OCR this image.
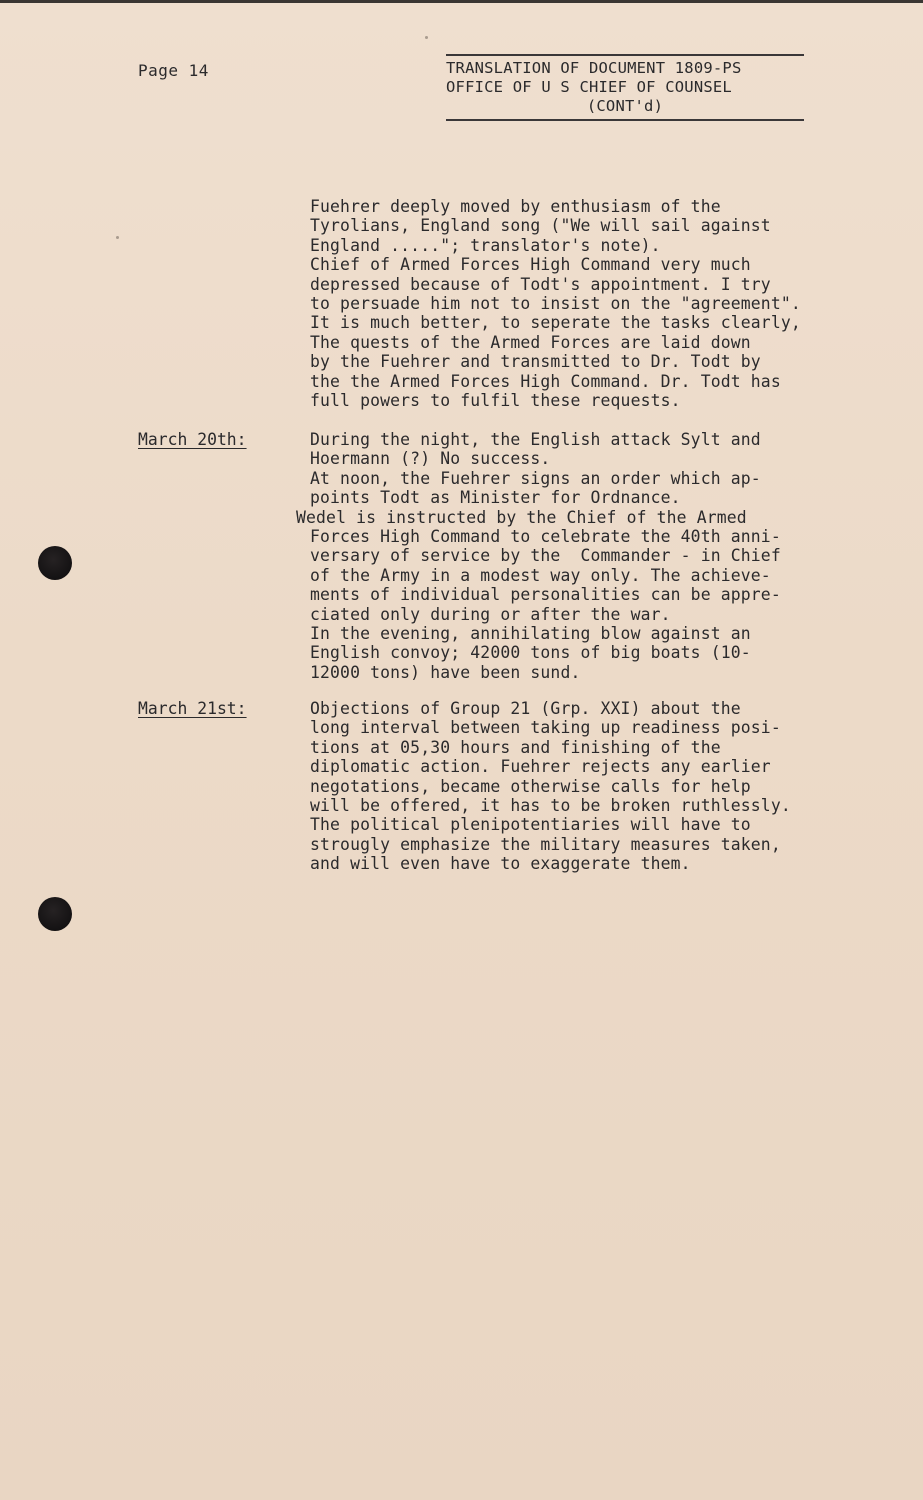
Page 14	TRANSLATION OF DOCUMENT 1809-PS
OFFICE OF U S CHIEF OF COUNSEL
(CONT'd)
Fuehrer deeply moved by enthusiasm of the
Tyrolians, England song ("We will sail against
England ....."; translator's note).
Chief of Armed Forces High Command very much
depressed because of Todt's appointment. I try
to persuade him not to insist on the "agreement".
It is much better, to seperate the tasks clearly,
The quests of the Armed Forces are laid down
by the Fuehrer and transmitted to Dr. Todt by
the the Armed Forces High Command. Dr. Todt has
full powers to fulfil these requests.
March 20th:	During the night, the English attack Sylt and
Hoermann (?) No success.
At noon, the Fuehrer signs an order which ap-
points Todt as Minister for Ordnance.
Wedel is instructed by the Chief of the Armed
Forces High Command to celebrate the 40th anni-
versary of service by the  Commander - in Chief
of the Army in a modest way only. The achieve-
ments of individual personalities can be appre-
ciated only during or after the war.
In the evening, annihilating blow against an
English convoy; 42000 tons of big boats (10-
12000 tons) have been sund.
March 21st:	Objections of Group 21 (Grp. XXI) about the
long interval between taking up readiness posi-
tions at 05,30 hours and finishing of the
diplomatic action. Fuehrer rejects any earlier
negotations, became otherwise calls for help
will be offered, it has to be broken ruthlessly.
The political plenipotentiaries will have to
strougly emphasize the military measures taken,
and will even have to exaggerate them.
